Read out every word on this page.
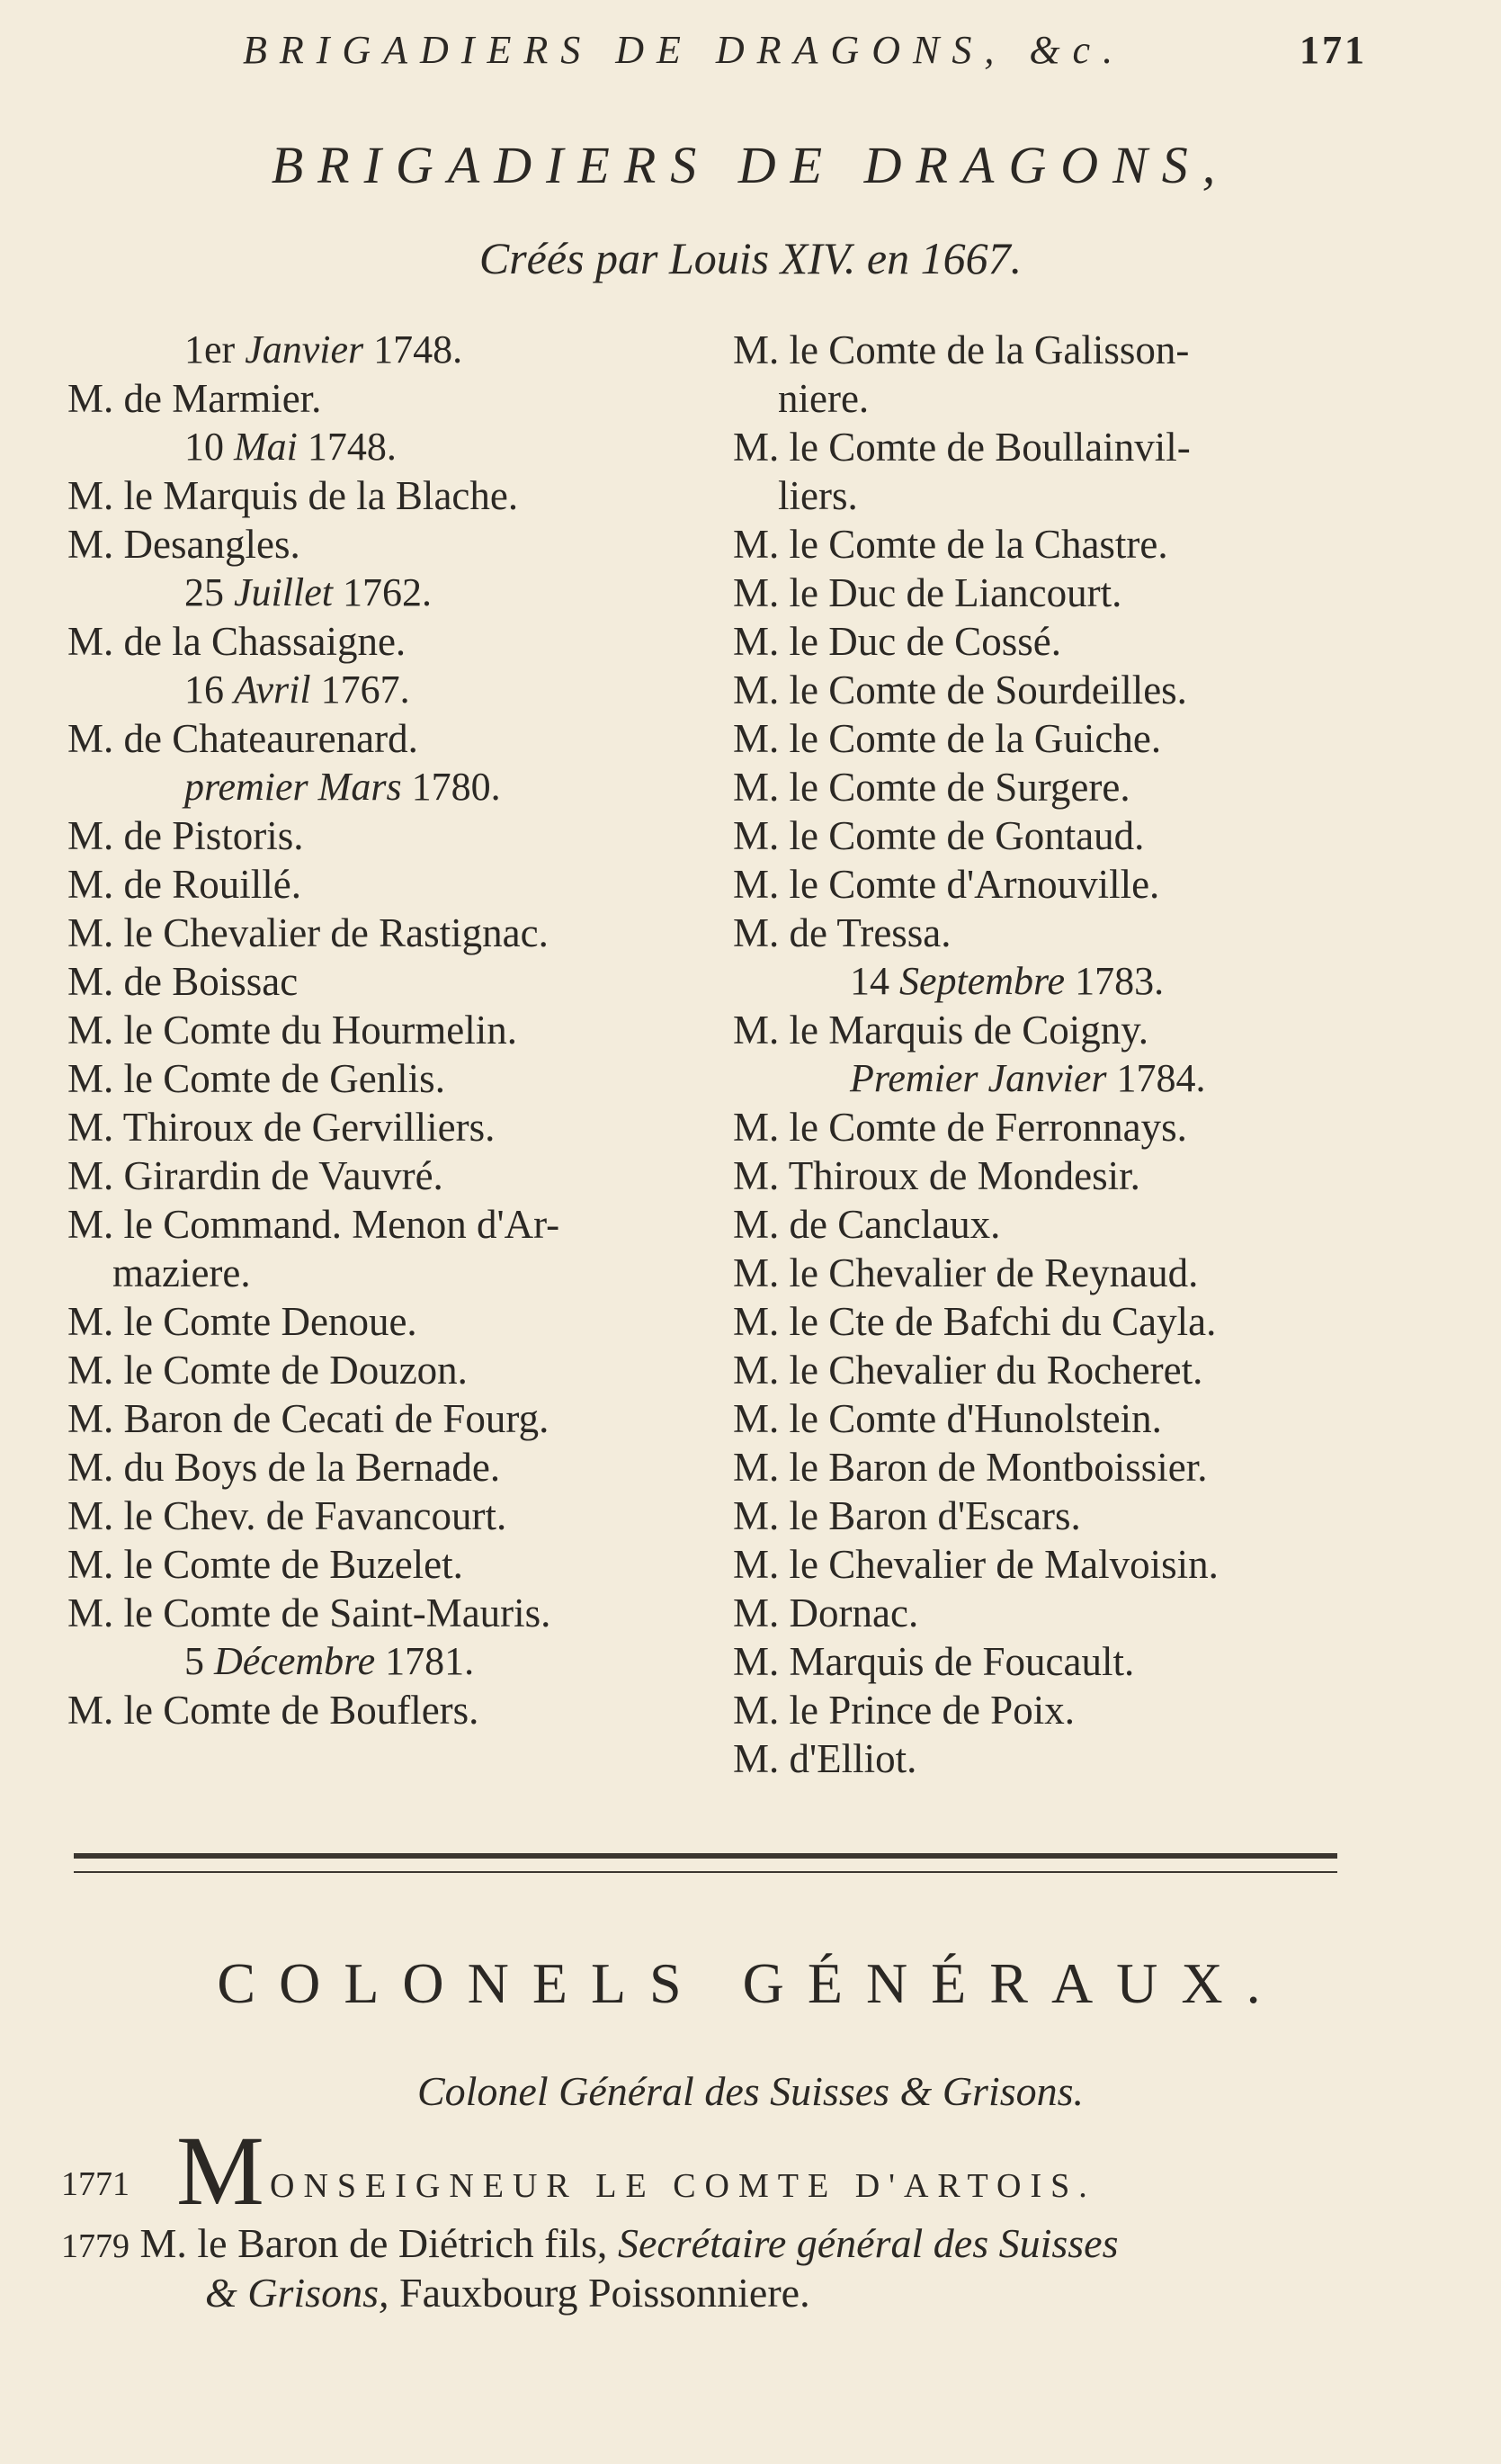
BRIGADIERS DE DRAGONS, &c.	171
BRIGADIERS DE DRAGONS,
Créés par Louis XIV. en 1667.
1er Janvier 1748.
M. de Marmier.
10 Mai 1748.
M. le Marquis de la Blache.
M. Desangles.
25 Juillet 1762.
M. de la Chassaigne.
16 Avril 1767.
M. de Chateaurenard.
premier Mars 1780.
M. de Pistoris.
M. de Rouillé.
M. le Chevalier de Rastignac.
M. de Boissac
M. le Comte du Hourmelin.
M. le Comte de Genlis.
M. Thiroux de Gervilliers.
M. Girardin de Vauvré.
M. le Command. Menon d'Ar-
maziere.
M. le Comte Denoue.
M. le Comte de Douzon.
M. Baron de Cecati de Fourg.
M. du Boys de la Bernade.
M. le Chev. de Favancourt.
M. le Comte de Buzelet.
M. le Comte de Saint-Mauris.
5 Décembre 1781.
M. le Comte de Bouflers.
M. le Comte de la Galisson-
niere.
M. le Comte de Boullainvil-
liers.
M. le Comte de la Chastre.
M. le Duc de Liancourt.
M. le Duc de Cossé.
M. le Comte de Sourdeilles.
M. le Comte de la Guiche.
M. le Comte de Surgere.
M. le Comte de Gontaud.
M. le Comte d'Arnouville.
M. de Tressa.
14 Septembre 1783.
M. le Marquis de Coigny.
Premier Janvier 1784.
M. le Comte de Ferronnays.
M. Thiroux de Mondesir.
M. de Canclaux.
M. le Chevalier de Reynaud.
M. le Cte de Bafchi du Cayla.
M. le Chevalier du Rocheret.
M. le Comte d'Hunolstein.
M. le Baron de Montboissier.
M. le Baron d'Escars.
M. le Chevalier de Malvoisin.
M. Dornac.
M. Marquis de Foucault.
M. le Prince de Poix.
M. d'Elliot.
COLONELS GÉNÉRAUX.
Colonel Général des Suisses & Grisons.
1771 M ONSEIGNEUR LE COMTE D'ARTOIS.
1779 M. le Baron de Diétrich fils, Secrétaire général des Suisses
& Grisons, Fauxbourg Poissonniere.
